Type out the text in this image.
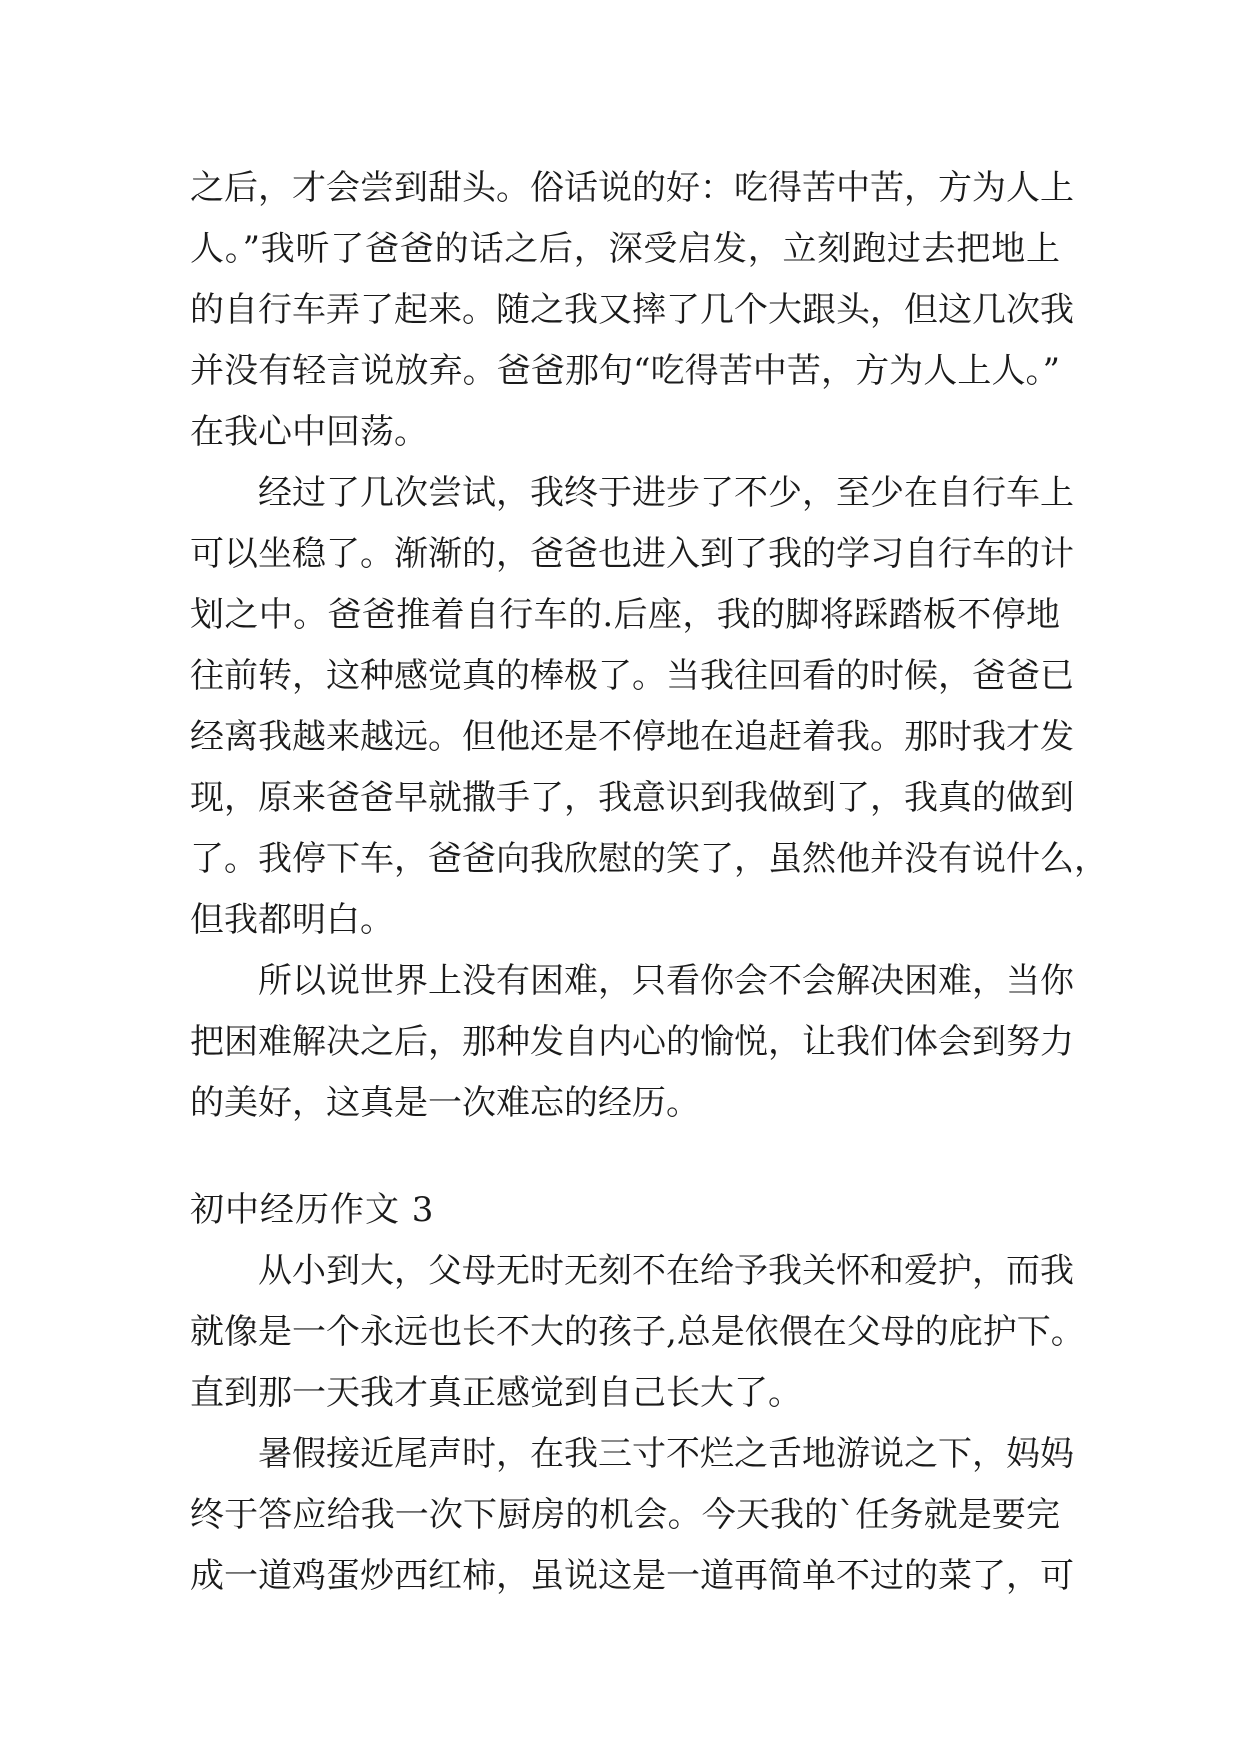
之后，才会尝到甜头。俗话说的好：吃得苦中苦，方为人上
人。”我听了爸爸的话之后，深受启发，立刻跑过去把地上
的自行车弄了起来。随之我又摔了几个大跟头，但这几次我
并没有轻言说放弃。爸爸那句“吃得苦中苦，方为人上人。”
在我心中回荡。
经过了几次尝试，我终于进步了不少，至少在自行车上
可以坐稳了。渐渐的，爸爸也进入到了我的学习自行车的计
划之中。爸爸推着自行车的.后座，我的脚将踩踏板不停地
往前转，这种感觉真的棒极了。当我往回看的时候，爸爸已
经离我越来越远。但他还是不停地在追赶着我。那时我才发
现，原来爸爸早就撒手了，我意识到我做到了，我真的做到
了。我停下车，爸爸向我欣慰的笑了，虽然他并没有说什么，
但我都明白。
所以说世界上没有困难，只看你会不会解决困难，当你
把困难解决之后，那种发自内心的愉悦，让我们体会到努力
的美好，这真是一次难忘的经历。
初中经历作文 3
从小到大，父母无时无刻不在给予我关怀和爱护，而我
就像是一个永远也长不大的孩子,总是依偎在父母的庇护下。
直到那一天我才真正感觉到自己长大了。
暑假接近尾声时，在我三寸不烂之舌地游说之下，妈妈
终于答应给我一次下厨房的机会。今天我的`任务就是要完
成一道鸡蛋炒西红柿，虽说这是一道再简单不过的菜了，可
